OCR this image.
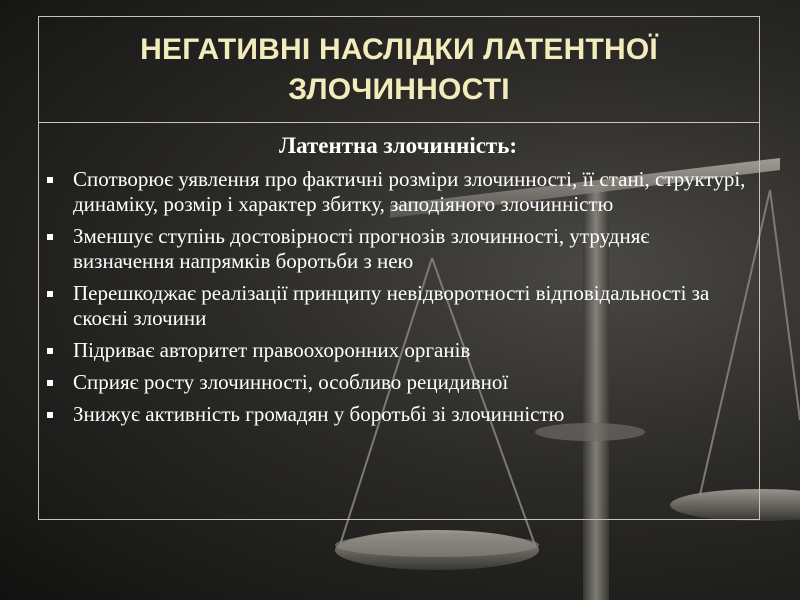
НЕГАТИВНІ НАСЛІДКИ ЛАТЕНТНОЇ ЗЛОЧИННОСТІ
Латентна злочинність:
Спотворює уявлення про фактичні розміри злочинності, її стані, структурі, динаміку, розмір і характер збитку, заподіяного злочинністю
Зменшує ступінь достовірності прогнозів злочинності, утрудняє визначення напрямків боротьби з нею
Перешкоджає реалізації принципу невідворотності відповідальності за скоєні злочини
Підриває авторитет правоохоронних органів
Сприяє росту злочинності, особливо рецидивної
Знижує активність громадян у боротьбі зі злочинністю
